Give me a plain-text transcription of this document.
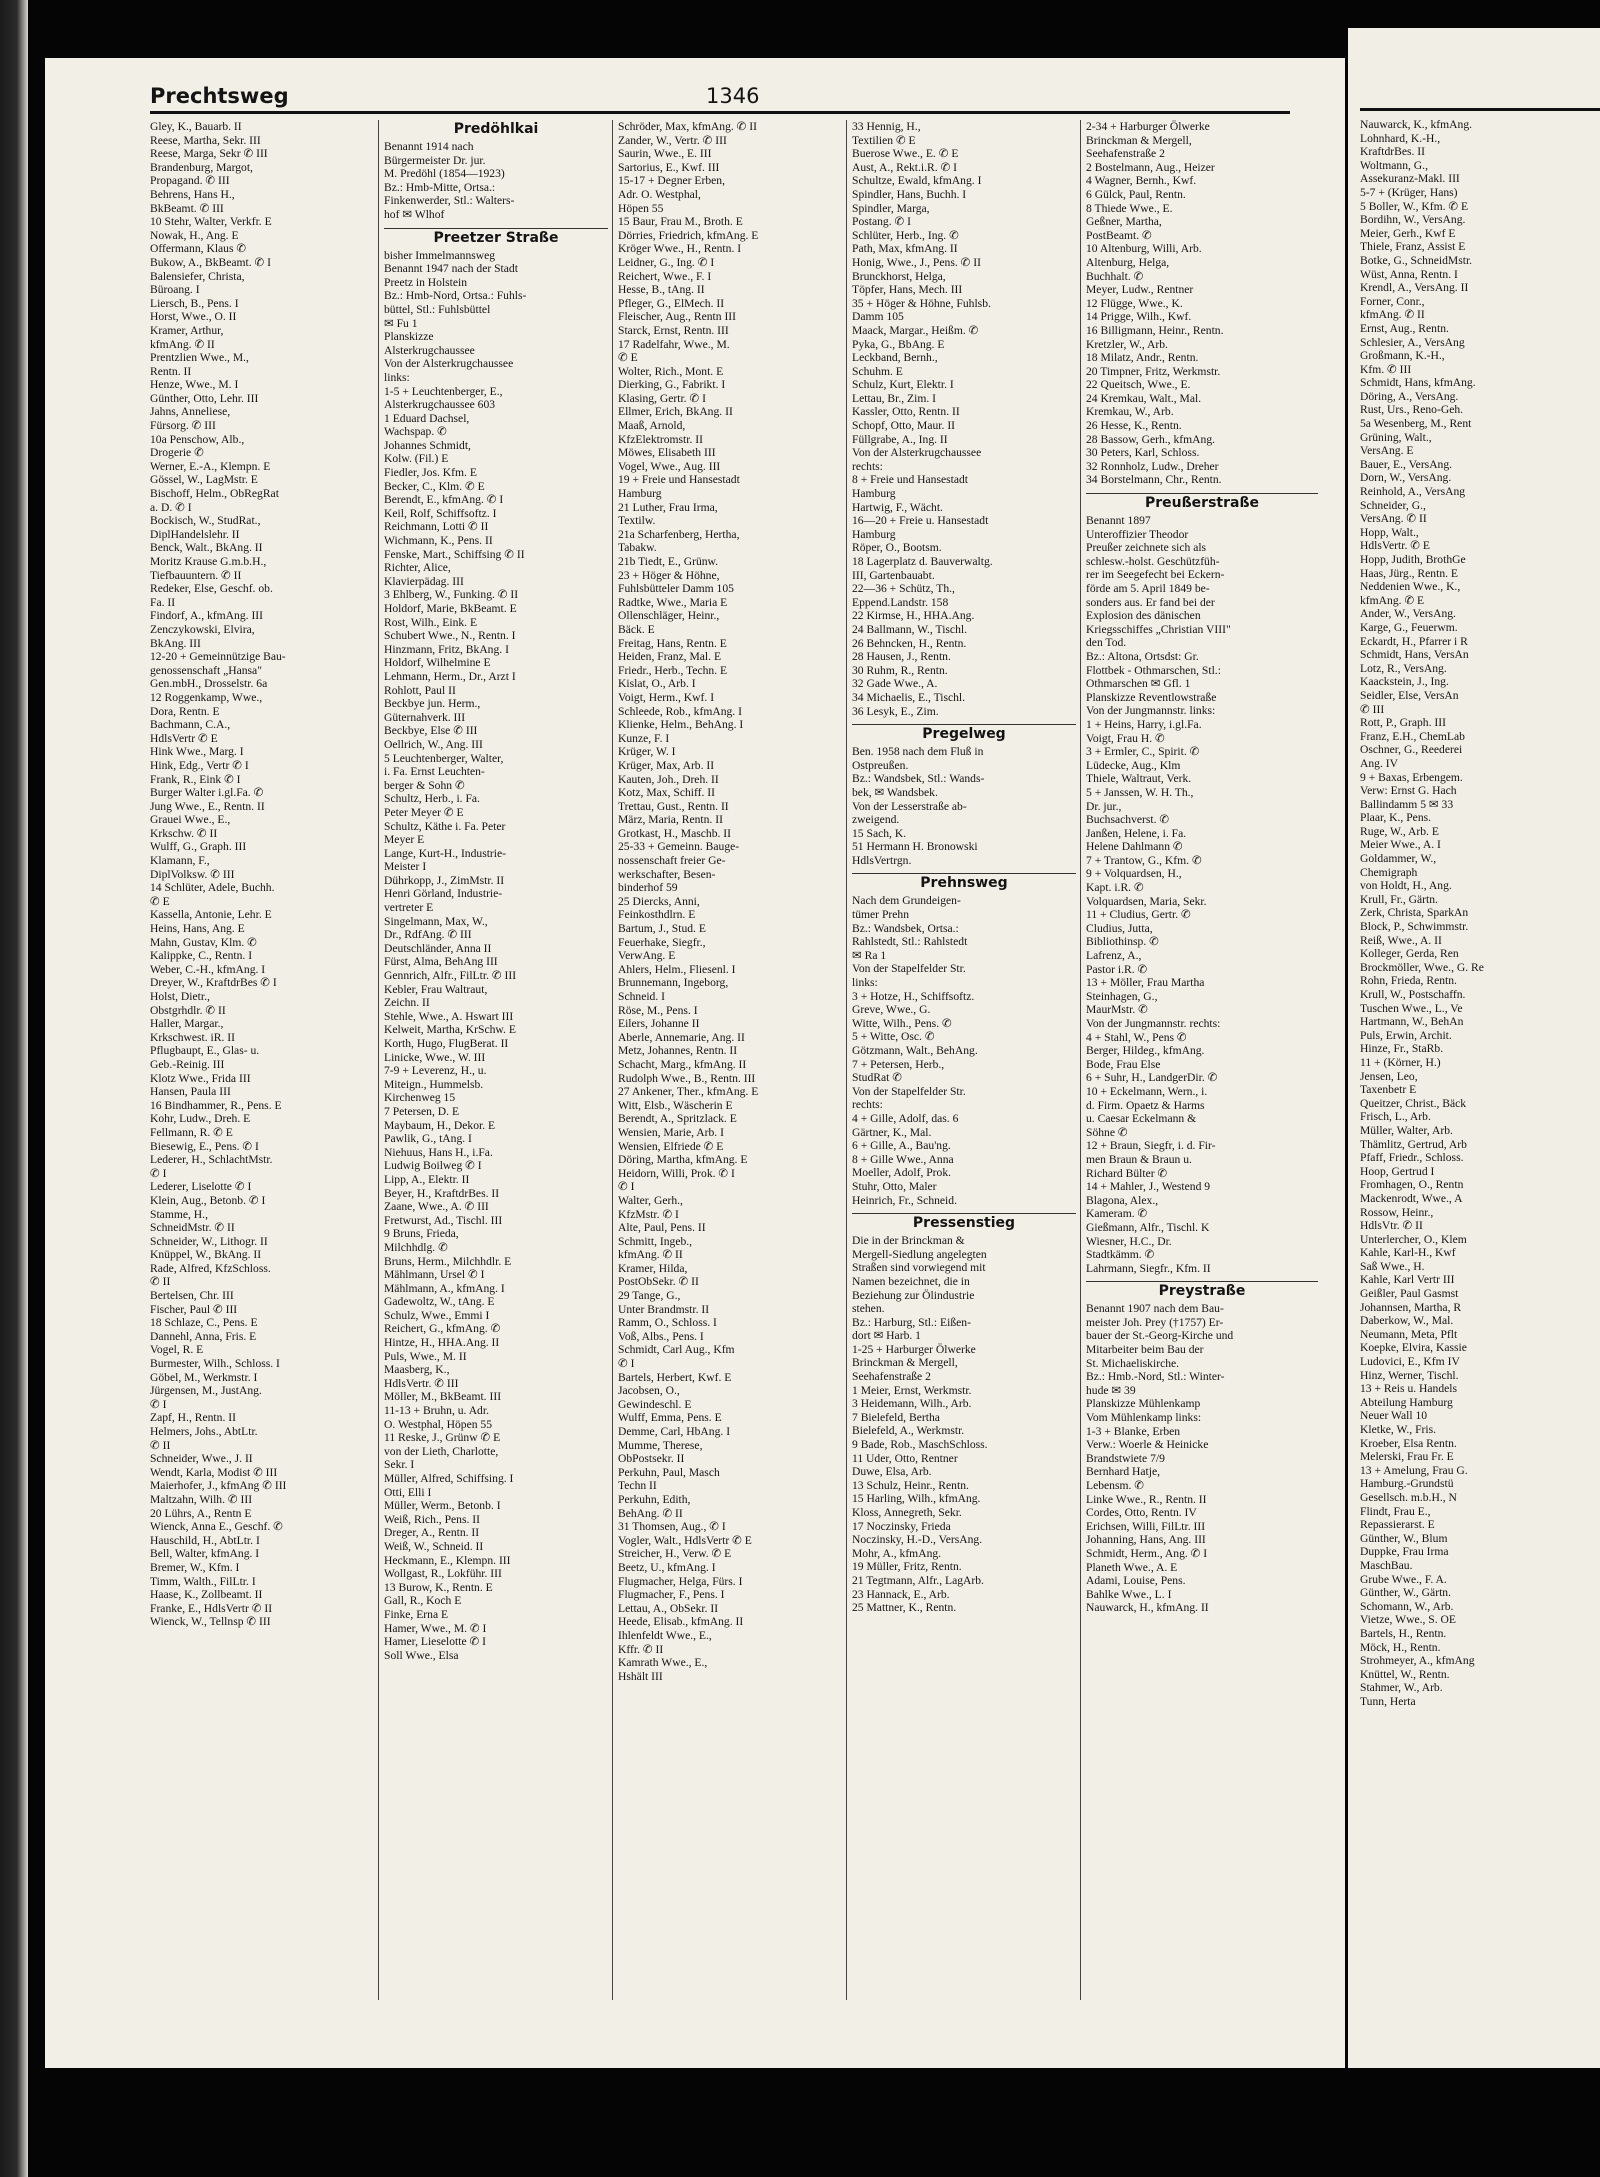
Prechtsweg	1346
Gley, K., Bauarb. II
Reese, Martha, Sekr. III
Reese, Marga, Sekr ✆ III
Brandenburg, Margot,
Propagand. ✆ III
Behrens, Hans H.,
BkBeamt. ✆ III
10 Stehr, Walter, Verkfr. E
Nowak, H., Ang. E
Offermann, Klaus ✆
Bukow, A., BkBeamt. ✆ I
Balensiefer, Christa,
Büroang. I
Liersch, B., Pens. I
Horst, Wwe., O. II
Kramer, Arthur,
kfmAng. ✆ II
Prentzlien Wwe., M.,
Rentn. II
Henze, Wwe., M. I
Günther, Otto, Lehr. III
Jahns, Anneliese,
Fürsorg. ✆ III
10a Penschow, Alb.,
Drogerie ✆
Werner, E.-A., Klempn. E
Gössel, W., LagMstr. E
Bischoff, Helm., ObRegRat
a. D. ✆ I
Bockisch, W., StudRat.,
DiplHandelslehr. II
Benck, Walt., BkAng. II
Moritz Krause G.m.b.H.,
Tiefbauuntern. ✆ II
Redeker, Else, Geschf. ob.
Fa. II
Findorf, A., kfmAng. III
Zenczykowski, Elvira,
BkAng. III
12-20 + Gemeinnützige Bau-
genossenschaft „Hansa"
Gen.mbH., Drosselstr. 6a
12 Roggenkamp, Wwe.,
Dora, Rentn. E
Bachmann, C.A.,
HdlsVertr ✆ E
Hink Wwe., Marg. I
Hink, Edg., Vertr ✆ I
Frank, R., Eink ✆ I
Burger Walter i.gl.Fa. ✆
Jung Wwe., E., Rentn. II
Grauei Wwe., E.,
Krkschw. ✆ II
Wulff, G., Graph. III
Klamann, F.,
DiplVolksw. ✆ III
14 Schlüter, Adele, Buchh.
✆ E
Kassella, Antonie, Lehr. E
Heins, Hans, Ang. E
Mahn, Gustav, Klm. ✆
Kalippke, C., Rentn. I
Weber, C.-H., kfmAng. I
Dreyer, W., KraftdrBes ✆ I
Holst, Dietr.,
Obstgrhdlr. ✆ II
Haller, Margar.,
Krkschwest. iR. II
Pflugbaupt, E., Glas- u.
Geb.-Reinig. III
Klotz Wwe., Frida III
Hansen, Paula III
16 Bindhammer, R., Pens. E
Kohr, Ludw., Dreh. E
Fellmann, R. ✆ E
Biesewig, E., Pens. ✆ I
Lederer, H., SchlachtMstr.
✆ I
Lederer, Liselotte ✆ I
Klein, Aug., Betonb. ✆ I
Stamme, H.,
SchneidMstr. ✆ II
Schneider, W., Lithogr. II
Knüppel, W., BkAng. II
Rade, Alfred, KfzSchloss.
✆ II
Bertelsen, Chr. III
Fischer, Paul ✆ III
18 Schlaze, C., Pens. E
Dannehl, Anna, Fris. E
Vogel, R. E
Burmester, Wilh., Schloss. I
Göbel, M., Werkmstr. I
Jürgensen, M., JustAng.
✆ I
Zapf, H., Rentn. II
Helmers, Johs., AbtLtr.
✆ II
Schneider, Wwe., J. II
Wendt, Karla, Modist ✆ III
Maierhofer, J., kfmAng ✆ III
Maltzahn, Wilh. ✆ III
20 Lührs, A., Rentn E
Wienck, Anna E., Geschf. ✆
Hauschild, H., AbtLtr. I
Bell, Walter, kfmAng. I
Bremer, W., Kfm. I
Timm, Walth., FilLtr. I
Haase, K., Zollbeamt. II
Franke, E., HdlsVertr ✆ II
Wienck, W., Tellnsp ✆ III
Predöhlkai
Benannt 1914 nach
Bürgermeister Dr. jur.
M. Predöhl (1854—1923)
Bz.: Hmb-Mitte, Ortsa.:
Finkenwerder, Stl.: Walters-
hof ✉ Wlhof
Preetzer Straße
bisher Immelmannsweg
Benannt 1947 nach der Stadt
Preetz in Holstein
Bz.: Hmb-Nord, Ortsa.: Fuhls-
büttel, Stl.: Fuhlsbüttel
✉ Fu 1
Planskizze
Alsterkrugchaussee
Von der Alsterkrugchaussee
links:
1-5 + Leuchtenberger, E.,
Alsterkrugchaussee 603
1 Eduard Dachsel,
Wachspap. ✆
Johannes Schmidt,
Kolw. (Fil.) E
Fiedler, Jos. Kfm. E
Becker, C., Klm. ✆ E
Berendt, E., kfmAng. ✆ I
Keil, Rolf, Schiffsoftz. I
Reichmann, Lotti ✆ II
Wichmann, K., Pens. II
Fenske, Mart., Schiffsing ✆ II
Richter, Alice,
Klavierpädag. III
3 Ehlberg, W., Funking. ✆ II
Holdorf, Marie, BkBeamt. E
Rost, Wilh., Eink. E
Schubert Wwe., N., Rentn. I
Hinzmann, Fritz, BkAng. I
Holdorf, Wilhelmine E
Lehmann, Herm., Dr., Arzt I
Rohlott, Paul II
Beckbye jun. Herm.,
Güternahverk. III
Beckbye, Else ✆ III
Oellrich, W., Ang. III
5 Leuchtenberger, Walter,
i. Fa. Ernst Leuchten-
berger & Sohn ✆
Schultz, Herb., i. Fa.
Peter Meyer ✆ E
Schultz, Käthe i. Fa. Peter
Meyer E
Lange, Kurt-H., Industrie-
Meister I
Dührkopp, J., ZimMstr. II
Henri Görland, Industrie-
vertreter E
Singelmann, Max, W.,
Dr., RdfAng. ✆ III
Deutschländer, Anna II
Fürst, Alma, BehAng III
Gennrich, Alfr., FilLtr. ✆ III
Kebler, Frau Waltraut,
Zeichn. II
Stehle, Wwe., A. Hswart III
Kelweit, Martha, KrSchw. E
Korth, Hugo, FlugBerat. II
Linicke, Wwe., W. III
7-9 + Leverenz, H., u.
Miteign., Hummelsb.
Kirchenweg 15
7 Petersen, D. E
Maybaum, H., Dekor. E
Pawlik, G., tAng. I
Niehuus, Hans H., i.Fa.
Ludwig Boilweg ✆ I
Lipp, A., Elektr. II
Beyer, H., KraftdrBes. II
Zaane, Wwe., A. ✆ III
Fretwurst, Ad., Tischl. III
9 Bruns, Frieda,
Milchhdlg. ✆
Bruns, Herm., Milchhdlr. E
Mählmann, Ursel ✆ I
Mählmann, A., kfmAng. I
Gadewoltz, W., tAng. E
Schulz, Wwe., Emmi I
Reichert, G., kfmAng. ✆
Hintze, H., HHA.Ang. II
Puls, Wwe., M. II
Maasberg, K.,
HdlsVertr. ✆ III
Möller, M., BkBeamt. III
11-13 + Bruhn, u. Adr.
O. Westphal, Höpen 55
11 Reske, J., Grünw ✆ E
von der Lieth, Charlotte,
Sekr. I
Müller, Alfred, Schiffsing. I
Otti, Elli I
Müller, Werm., Betonb. I
Weiß, Rich., Pens. II
Dreger, A., Rentn. II
Weiß, W., Schneid. II
Heckmann, E., Klempn. III
Wollgast, R., Lokführ. III
13 Burow, K., Rentn. E
Gall, R., Koch E
Finke, Erna E
Hamer, Wwe., M. ✆ I
Hamer, Lieselotte ✆ I
Soll Wwe., Elsa
Schröder, Max, kfmAng. ✆ II
Zander, W., Vertr. ✆ III
Saurin, Wwe., E. III
Sartorius, E., Kwf. III
15-17 + Degner Erben,
Adr. O. Westphal,
Höpen 55
15 Baur, Frau M., Broth. E
Dörries, Friedrich, kfmAng. E
Kröger Wwe., H., Rentn. I
Leidner, G., Ing. ✆ I
Reichert, Wwe., F. I
Hesse, B., tAng. II
Pfleger, G., ElMech. II
Fleischer, Aug., Rentn III
Starck, Ernst, Rentn. III
17 Radelfahr, Wwe., M.
✆ E
Wolter, Rich., Mont. E
Dierking, G., Fabrikt. I
Klasing, Gertr. ✆ I
Ellmer, Erich, BkAng. II
Maaß, Arnold,
KfzElektromstr. II
Möwes, Elisabeth III
Vogel, Wwe., Aug. III
19 + Freie und Hansestadt
Hamburg
21 Luther, Frau Irma,
Textilw.
21a Scharfenberg, Hertha,
Tabakw.
21b Tiedt, E., Grünw.
23 + Höger & Höhne,
Fuhlsbütteler Damm 105
Radtke, Wwe., Maria E
Ollenschläger, Heinr.,
Bäck. E
Freitag, Hans, Rentn. E
Heiden, Franz, Mal. E
Friedr., Herb., Techn. E
Kislat, O., Arb. I
Voigt, Herm., Kwf. I
Schleede, Rob., kfmAng. I
Klienke, Helm., BehAng. I
Kunze, F. I
Krüger, W. I
Krüger, Max, Arb. II
Kauten, Joh., Dreh. II
Kotz, Max, Schiff. II
Trettau, Gust., Rentn. II
März, Maria, Rentn. II
Grotkast, H., Maschb. II
25-33 + Gemeinn. Bauge-
nossenschaft freier Ge-
werkschafter, Besen-
binderhof 59
25 Diercks, Anni,
Feinkosthdlrn. E
Bartum, J., Stud. E
Feuerhake, Siegfr.,
VerwAng. E
Ahlers, Helm., Fliesenl. I
Brunnemann, Ingeborg,
Schneid. I
Röse, M., Pens. I
Eilers, Johanne II
Aberle, Annemarie, Ang. II
Metz, Johannes, Rentn. II
Schacht, Marg., kfmAng. II
Rudolph Wwe., B., Rentn. III
27 Ankener, Ther., kfmAng. E
Witt, Elsb., Wäscherin E
Berendt, A., Spritzlack. E
Wensien, Marie, Arb. I
Wensien, Elfriede ✆ E
Döring, Martha, kfmAng. E
Heidorn, Willi, Prok. ✆ I
✆ I
Walter, Gerh.,
KfzMstr. ✆ I
Alte, Paul, Pens. II
Schmitt, Ingeb.,
kfmAng. ✆ II
Kramer, Hilda,
PostObSekr. ✆ II
29 Tange, G.,
Unter Brandmstr. II
Ramm, O., Schloss. I
Voß, Albs., Pens. I
Schmidt, Carl Aug., Kfm
✆ I
Bartels, Herbert, Kwf. E
Jacobsen, O.,
Gewindeschl. E
Wulff, Emma, Pens. E
Demme, Carl, HbAng. I
Mumme, Therese,
ObPostsekr. II
Perkuhn, Paul, Masch
Techn II
Perkuhn, Edith,
BehAng. ✆ II
31 Thomsen, Aug., ✆ I
Vogler, Walt., HdlsVertr ✆ E
Streicher, H., Verw. ✆ E
Beetz, U., kfmAng. I
Flugmacher, Helga, Fürs. I
Flugmacher, F., Pens. I
Lettau, A., ObSekr. II
Heede, Elisab., kfmAng. II
Ihlenfeldt Wwe., E.,
Kffr. ✆ II
Kamrath Wwe., E.,
Hshält III
33 Hennig, H.,
Textilien ✆ E
Buerose Wwe., E. ✆ E
Aust, A., Rekt.i.R. ✆ I
Schultze, Ewald, kfmAng. I
Spindler, Hans, Buchh. I
Spindler, Marga,
Postang. ✆ I
Schlüter, Herb., Ing. ✆
Path, Max, kfmAng. II
Honig, Wwe., J., Pens. ✆ II
Brunckhorst, Helga,
Töpfer, Hans, Mech. III
35 + Höger & Höhne, Fuhlsb.
Damm 105
Maack, Margar., Heißm. ✆
Pyka, G., BbAng. E
Leckband, Bernh.,
Schuhm. E
Schulz, Kurt, Elektr. I
Lettau, Br., Zim. I
Kassler, Otto, Rentn. II
Schopf, Otto, Maur. II
Füllgrabe, A., Ing. II
Von der Alsterkrugchaussee
rechts:
8 + Freie und Hansestadt
Hamburg
Hartwig, F., Wächt.
16—20 + Freie u. Hansestadt
Hamburg
Röper, O., Bootsm.
18 Lagerplatz d. Bauverwaltg.
III, Gartenbauabt.
22—36 + Schütz, Th.,
Eppend.Landstr. 158
22 Kirmse, H., HHA.Ang.
24 Ballmann, W., Tischl.
26 Behncken, H., Rentn.
28 Hausen, J., Rentn.
30 Ruhm, R., Rentn.
32 Gade Wwe., A.
34 Michaelis, E., Tischl.
36 Lesyk, E., Zim.
Pregelweg
Ben. 1958 nach dem Fluß in
Ostpreußen.
Bz.: Wandsbek, Stl.: Wands-
bek, ✉ Wandsbek.
Von der Lesserstraße ab-
zweigend.
15 Sach, K.
51 Hermann H. Bronowski
HdlsVertrgn.
Prehnsweg
Nach dem Grundeigen-
tümer Prehn
Bz.: Wandsbek, Ortsa.:
Rahlstedt, Stl.: Rahlstedt
✉ Ra 1
Von der Stapelfelder Str.
links:
3 + Hotze, H., Schiffsoftz.
Greve, Wwe., G.
Witte, Wilh., Pens. ✆
5 + Witte, Osc. ✆
Götzmann, Walt., BehAng.
7 + Petersen, Herb.,
StudRat ✆
Von der Stapelfelder Str.
rechts:
4 + Gille, Adolf, das. 6
Gärtner, K., Mal.
6 + Gille, A., Bau'ng.
8 + Gille Wwe., Anna
Moeller, Adolf, Prok.
Stuhr, Otto, Maler
Heinrich, Fr., Schneid.
Pressenstieg
Die in der Brinckman &
Mergell-Siedlung angelegten
Straßen sind vorwiegend mit
Namen bezeichnet, die in
Beziehung zur Ölindustrie
stehen.
Bz.: Harburg, Stl.: Eißen-
dort ✉ Harb. 1
1-25 + Harburger Ölwerke
Brinckman & Mergell,
Seehafenstraße 2
1 Meier, Ernst, Werkmstr.
3 Heidemann, Wilh., Arb.
7 Bielefeld, Bertha
Bielefeld, A., Werkmstr.
9 Bade, Rob., MaschSchloss.
11 Uder, Otto, Rentner
Duwe, Elsa, Arb.
13 Schulz, Heinr., Rentn.
15 Harling, Wilh., kfmAng.
Kloss, Annegreth, Sekr.
17 Noczinsky, Frieda
Noczinsky, H.-D., VersAng.
Mohr, A., kfmAng.
19 Müller, Fritz, Rentn.
21 Tegtmann, Alfr., LagArb.
23 Hannack, E., Arb.
25 Mattner, K., Rentn.
2-34 + Harburger Ölwerke
Brinckman & Mergell,
Seehafenstraße 2
2 Bostelmann, Aug., Heizer
4 Wagner, Bernh., Kwf.
6 Gülck, Paul, Rentn.
8 Thiede Wwe., E.
Geßner, Martha,
PostBeamt. ✆
10 Altenburg, Willi, Arb.
Altenburg, Helga,
Buchhalt. ✆
Meyer, Ludw., Rentner
12 Flügge, Wwe., K.
14 Prigge, Wilh., Kwf.
16 Billigmann, Heinr., Rentn.
Kretzler, W., Arb.
18 Milatz, Andr., Rentn.
20 Timpner, Fritz, Werkmstr.
22 Queitsch, Wwe., E.
24 Kremkau, Walt., Mal.
Kremkau, W., Arb.
26 Hesse, K., Rentn.
28 Bassow, Gerh., kfmAng.
30 Peters, Karl, Schloss.
32 Ronnholz, Ludw., Dreher
34 Borstelmann, Chr., Rentn.
Preußerstraße
Benannt 1897
Unteroffizier Theodor
Preußer zeichnete sich als
schlesw.-holst. Geschützfüh-
rer im Seegefecht bei Eckern-
förde am 5. April 1849 be-
sonders aus. Er fand bei der
Explosion des dänischen
Kriegsschiffes „Christian VIII"
den Tod.
Bz.: Altona, Ortsdst: Gr.
Flottbek - Othmarschen, Stl.:
Othmarschen ✉ Gfl. 1
Planskizze Reventlowstraße
Von der Jungmannstr. links:
1 + Heins, Harry, i.gl.Fa.
Voigt, Frau H. ✆
3 + Ermler, C., Spirit. ✆
Lüdecke, Aug., Klm
Thiele, Waltraut, Verk.
5 + Janssen, W. H. Th.,
Dr. jur.,
Buchsachverst. ✆
Janßen, Helene, i. Fa.
Helene Dahlmann ✆
7 + Trantow, G., Kfm. ✆
9 + Volquardsen, H.,
Kapt. i.R. ✆
Volquardsen, Maria, Sekr.
11 + Cludius, Gertr. ✆
Cludius, Jutta,
Bibliothinsp. ✆
Lafrenz, A.,
Pastor i.R. ✆
13 + Möller, Frau Martha
Steinhagen, G.,
MaurMstr. ✆
Von der Jungmannstr. rechts:
4 + Stahl, W., Pens ✆
Berger, Hildeg., kfmAng.
Bode, Frau Else
6 + Suhr, H., LandgerDir. ✆
10 + Eckelmann, Wern., i.
d. Firm. Opaetz & Harms
u. Caesar Eckelmann &
Söhne ✆
12 + Braun, Siegfr, i. d. Fir-
men Braun & Braun u.
Richard Bülter ✆
14 + Mahler, J., Westend 9
Blagona, Alex.,
Kameram. ✆
Gießmann, Alfr., Tischl. K
Wiesner, H.C., Dr.
Stadtkämm. ✆
Lahrmann, Siegfr., Kfm. II
Preystraße
Benannt 1907 nach dem Bau-
meister Joh. Prey (†1757) Er-
bauer der St.-Georg-Kirche und
Mitarbeiter beim Bau der
St. Michaeliskirche.
Bz.: Hmb.-Nord, Stl.: Winter-
hude ✉ 39
Planskizze Mühlenkamp
Vom Mühlenkamp links:
1-3 + Blanke, Erben
Verw.: Woerle & Heinicke
Brandstwiete 7/9
Bernhard Hatje,
Lebensm. ✆
Linke Wwe., R., Rentn. II
Cordes, Otto, Rentn. IV
Erichsen, Willi, FilLtr. III
Johanning, Hans, Ang. III
Schmidt, Herm., Ang. ✆ I
Planeth Wwe., A. E
Adami, Louise, Pens.
Bahlke Wwe., L. I
Nauwarck, H., kfmAng. II
Nauwarck, K., kfmAng.
Lohnhard, K.-H.,
KraftdrBes. II
Woltmann, G.,
Assekuranz-Makl. III
5-7 + (Krüger, Hans)
5 Boller, W., Kfm. ✆ E
Bordihn, W., VersAng.
Meier, Gerh., Kwf E
Thiele, Franz, Assist E
Botke, G., SchneidMstr.
Wüst, Anna, Rentn. I
Krendl, A., VersAng. II
Forner, Conr.,
kfmAng. ✆ II
Ernst, Aug., Rentn.
Schlesier, A., VersAng
Großmann, K.-H.,
Kfm. ✆ III
Schmidt, Hans, kfmAng.
Döring, A., VersAng.
Rust, Urs., Reno-Geh.
5a Wesenberg, M., Rent
Grüning, Walt.,
VersAng. E
Bauer, E., VersAng.
Dorn, W., VersAng.
Reinhold, A., VersAng
Schneider, G.,
VersAng. ✆ II
Hopp, Walt.,
HdlsVertr. ✆ E
Hopp, Judith, BrothGe
Haas, Jürg., Rentn. E
Neddenien Wwe., K.,
kfmAng. ✆ E
Ander, W., VersAng.
Karge, G., Feuerwm.
Eckardt, H., Pfarrer i R
Schmidt, Hans, VersAn
Lotz, R., VersAng.
Kaackstein, J., Ing.
Seidler, Else, VersAn
✆ III
Rott, P., Graph. III
Franz, E.H., ChemLab
Oschner, G., Reederei
Ang. IV
9 + Baxas, Erbengem.
Verw: Ernst G. Hach
Ballindamm 5 ✉ 33
Plaar, K., Pens.
Ruge, W., Arb. E
Meier Wwe., A. I
Goldammer, W.,
Chemigraph
von Holdt, H., Ang.
Krull, Fr., Gärtn.
Zerk, Christa, SparkAn
Block, P., Schwimmstr.
Reiß, Wwe., A. II
Kolleger, Gerda, Ren
Brockmöller, Wwe., G. Re
Rohn, Frieda, Rentn.
Krull, W., Postschaffn.
Tuschen Wwe., L., Ve
Hartmann, W., BehAn
Puls, Erwin, Archit.
Hinze, Fr., StaRb.
11 + (Körner, H.)
Jensen, Leo,
Taxenbetr E
Queitzer, Christ., Bäck
Frisch, L., Arb.
Müller, Walter, Arb.
Thämlitz, Gertrud, Arb
Pfaff, Friedr., Schloss.
Hoop, Gertrud I
Fromhagen, O., Rentn
Mackenrodt, Wwe., A
Rossow, Heinr.,
HdlsVtr. ✆ II
Unterlercher, O., Klem
Kahle, Karl-H., Kwf
Saß Wwe., H.
Kahle, Karl Vertr III
Geißler, Paul Gasmst
Johannsen, Martha, R
Daberkow, W., Mal.
Neumann, Meta, Pflt
Koepke, Elvira, Kassie
Ludovici, E., Kfm IV
Hinz, Werner, Tischl.
13 + Reis u. Handels
Abteilung Hamburg
Neuer Wall 10
Kletke, W., Fris.
Kroeber, Elsa Rentn.
Melerski, Frau Fr. E
13 + Amelung, Frau G.
Hamburg.-Grundstü
Gesellsch. m.b.H., N
Flindt, Frau E.,
Repassierarst. E
Günther, W., Blum
Duppke, Frau Irma
MaschBau.
Grube Wwe., F. A.
Günther, W., Gärtn.
Schomann, W., Arb.
Vietze, Wwe., S. OE
Bartels, H., Rentn.
Möck, H., Rentn.
Strohmeyer, A., kfmAng
Knüttel, W., Rentn.
Stahmer, W., Arb.
Tunn, Herta
